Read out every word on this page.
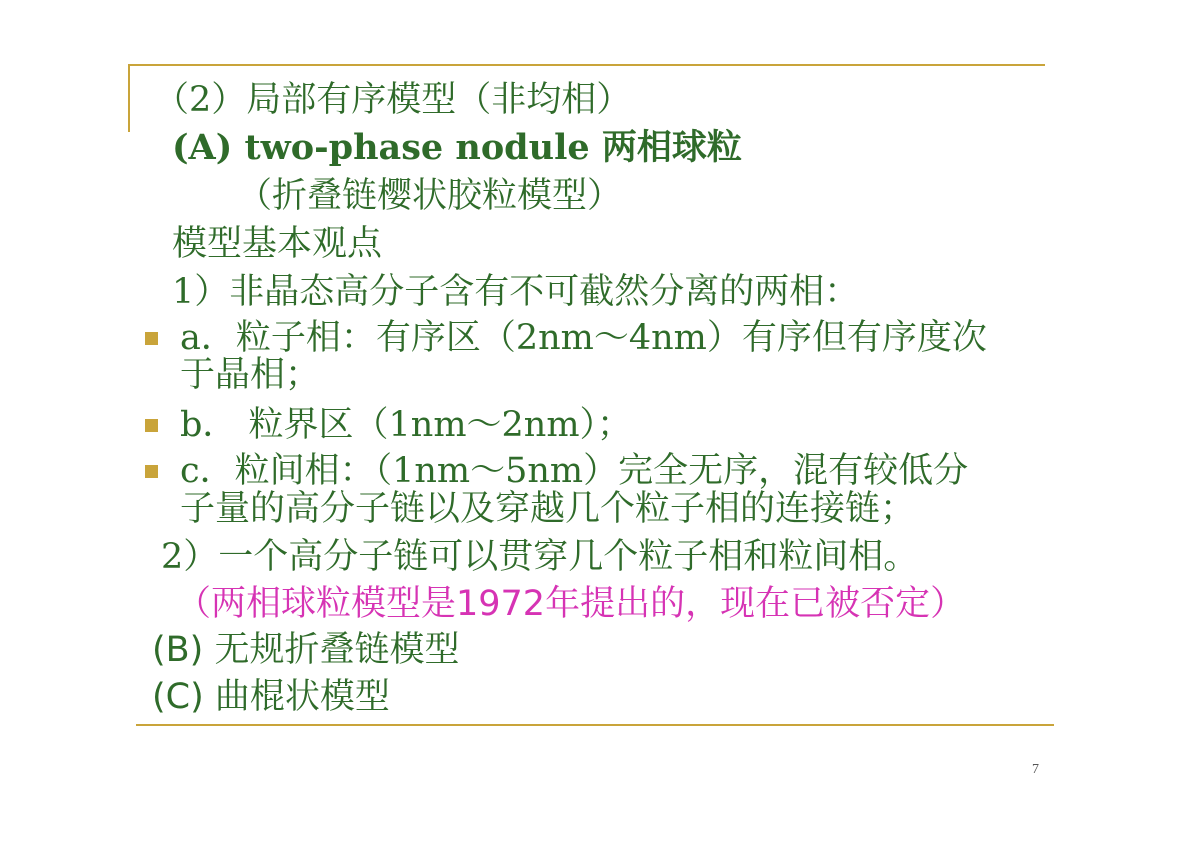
（2）局部有序模型（非均相）
(A) two-phase nodule 两相球粒
（折叠链樱状胶粒模型）
模型基本观点
1）非晶态高分子含有不可截然分离的两相：
a．粒子相：有序区（2nm～4nm）有序但有序度次
于晶相；
b． 粒界区（1nm～2nm）；
c．粒间相：（1nm～5nm）完全无序，混有较低分
子量的高分子链以及穿越几个粒子相的连接链；
2）一个高分子链可以贯穿几个粒子相和粒间相。
（两相球粒模型是1972年提出的，现在已被否定）
(B) 无规折叠链模型
(C) 曲棍状模型
7
